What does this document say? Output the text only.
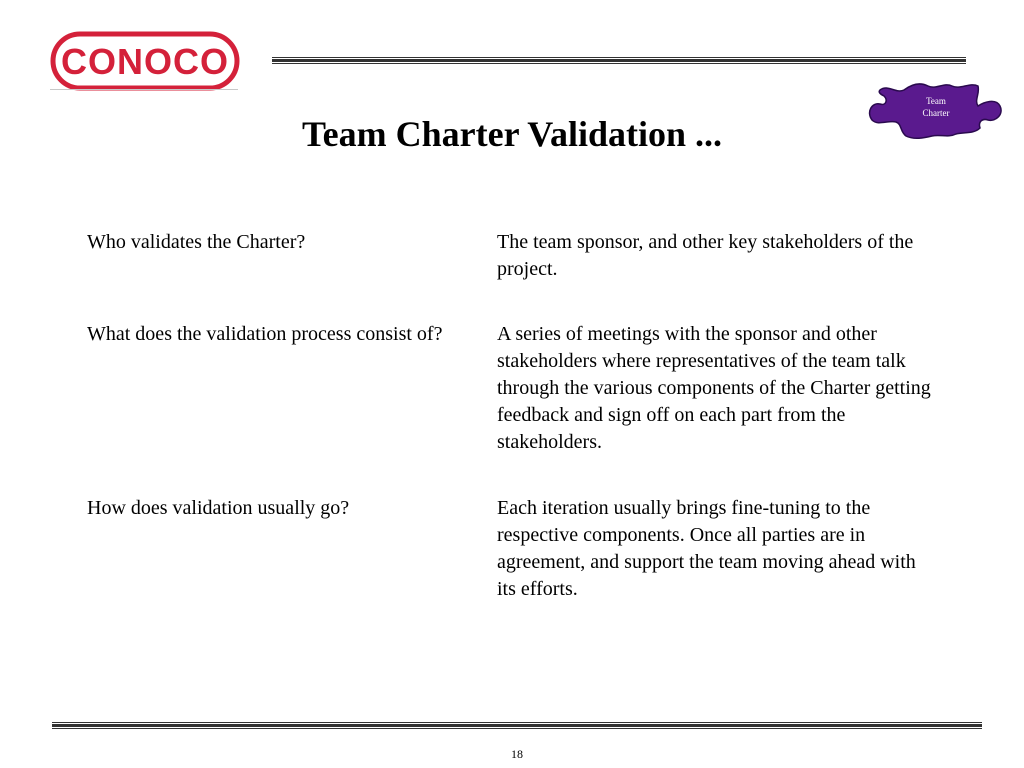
CONOCO
Team
Charter
Team Charter Validation ...

Who validates the Charter?	The team sponsor, and other key stakeholders of the project.

What does the validation process consist of?	A series of meetings with the sponsor and other stakeholders where representatives of the team talk through the various components of the Charter getting feedback and sign off on each part from the stakeholders.

How does validation usually go?	Each iteration usually brings fine-tuning to the respective components. Once all parties are in agreement, and support the team moving ahead with its efforts.

18
